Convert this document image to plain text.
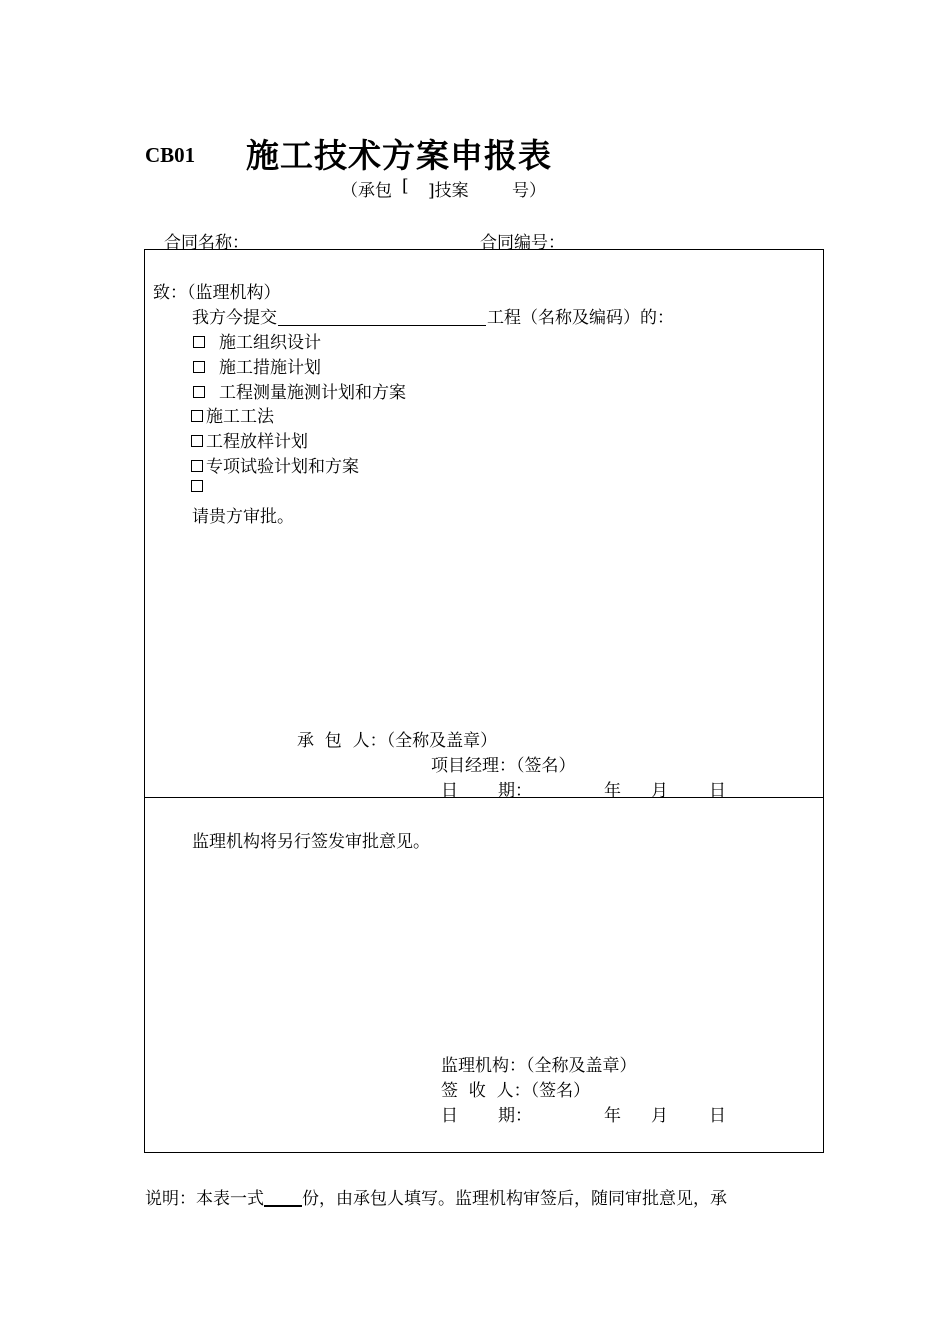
CB01 施工技术方案申报表
（承包 [ ]技案	号）
合同名称：	合同编号：
致：（监理机构）
我方今提交	工程（名称及编码）的：
施工组织设计
施工措施计划
工程测量施测计划和方案
施工工法
工程放样计划
专项试验计划和方案
请贵方审批。
承  包  人：（全称及盖章）
项目经理：（签名）
日 期：	年 月 日
监理机构将另行签发审批意见。
监理机构：（全称及盖章）
签  收  人：（签名）
日 期：	年 月 日
说明：本表一式 份，由承包人填写。监理机构审签后，随同审批意见，承
